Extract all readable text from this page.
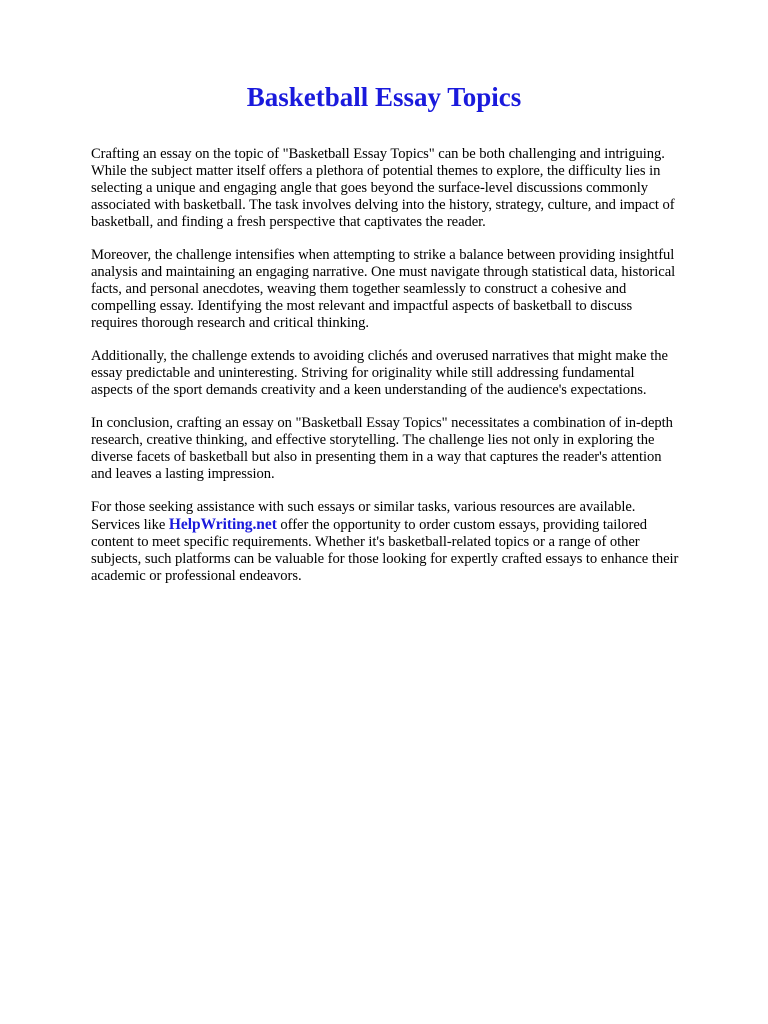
Basketball Essay Topics

Crafting an essay on the topic of "Basketball Essay Topics" can be both challenging and intriguing.
While the subject matter itself offers a plethora of potential themes to explore, the difficulty lies in
selecting a unique and engaging angle that goes beyond the surface-level discussions commonly
associated with basketball. The task involves delving into the history, strategy, culture, and impact of
basketball, and finding a fresh perspective that captivates the reader.

Moreover, the challenge intensifies when attempting to strike a balance between providing insightful
analysis and maintaining an engaging narrative. One must navigate through statistical data, historical
facts, and personal anecdotes, weaving them together seamlessly to construct a cohesive and
compelling essay. Identifying the most relevant and impactful aspects of basketball to discuss
requires thorough research and critical thinking.

Additionally, the challenge extends to avoiding clichés and overused narratives that might make the
essay predictable and uninteresting. Striving for originality while still addressing fundamental
aspects of the sport demands creativity and a keen understanding of the audience's expectations.

In conclusion, crafting an essay on "Basketball Essay Topics" necessitates a combination of in-depth
research, creative thinking, and effective storytelling. The challenge lies not only in exploring the
diverse facets of basketball but also in presenting them in a way that captures the reader's attention
and leaves a lasting impression.

For those seeking assistance with such essays or similar tasks, various resources are available.
Services like HelpWriting.net offer the opportunity to order custom essays, providing tailored
content to meet specific requirements. Whether it's basketball-related topics or a range of other
subjects, such platforms can be valuable for those looking for expertly crafted essays to enhance their
academic or professional endeavors.
